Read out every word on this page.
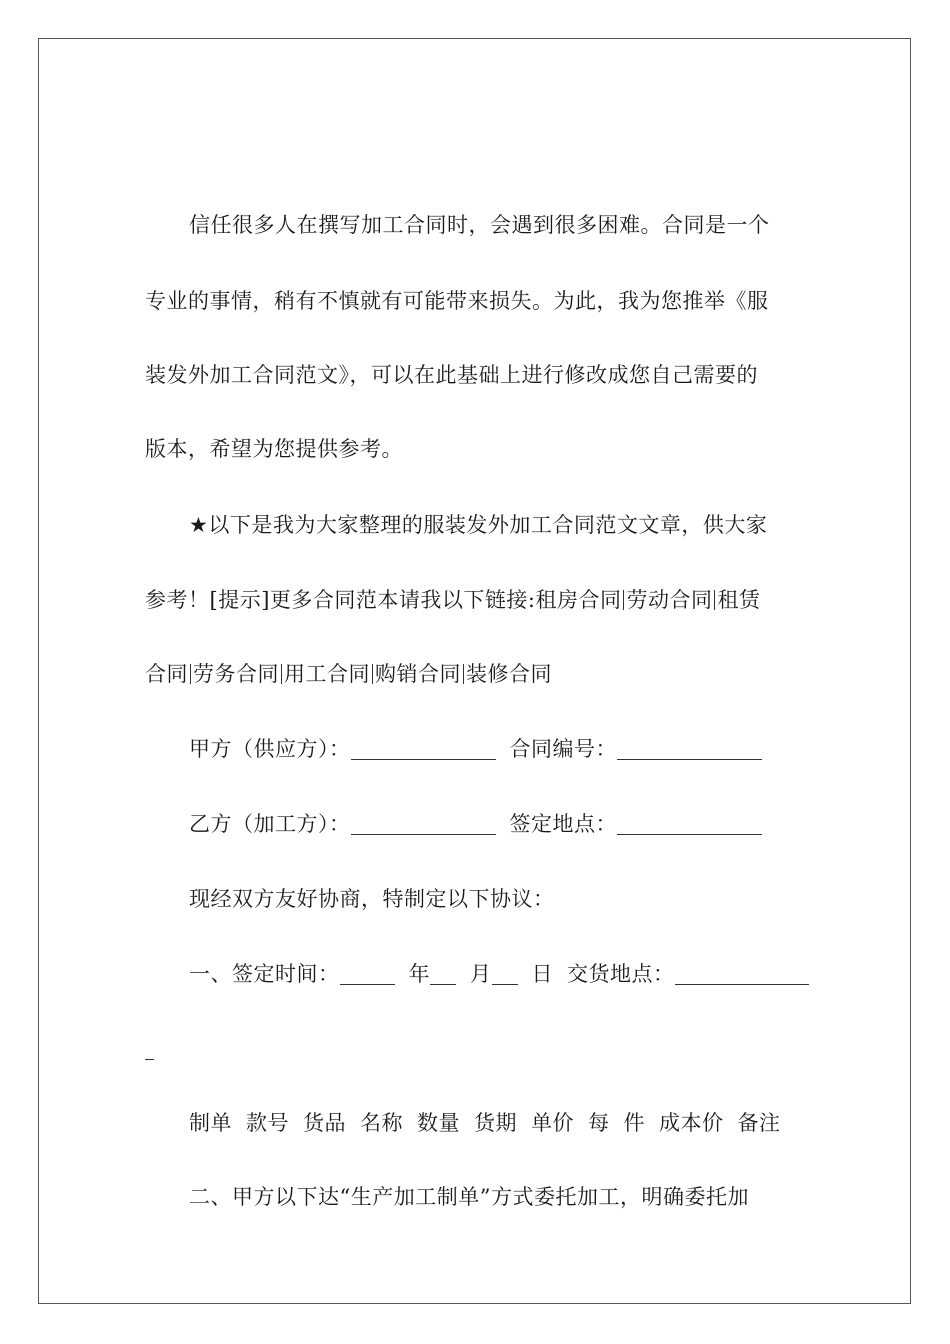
信任很多人在撰写加工合同时，会遇到很多困难。合同是一个
专业的事情，稍有不慎就有可能带来损失。为此，我为您推举《服
装发外加工合同范文》，可以在此基础上进行修改成您自己需要的
版本，希望为您提供参考。
★以下是我为大家整理的服装发外加工合同范文文章，供大家
参考！[提示]更多合同范本请我以下链接:租房合同 劳动合同 租赁
合同 劳务合同 用工合同 购销合同 装修合同
甲方（供应方）：	合同编号：
乙方（加工方）：	签定地点：
现经双方友好协商，特制定以下协议：
一、签定时间：	年 月 日 交货地点：
制单 款号 货品 名称 数量 货期 单价 每 件 成本价 备注
二、甲方以下达“生产加工制单”方式委托加工，明确委托加
